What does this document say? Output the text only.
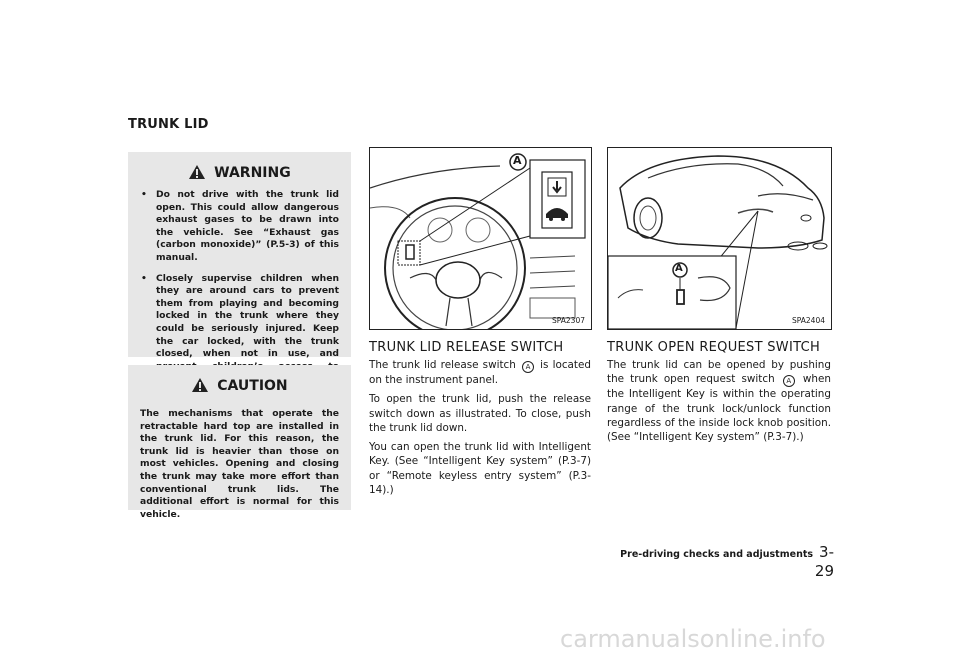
TRUNK LID
WARNING
• Do not drive with the trunk lid open. This could allow dangerous exhaust gases to be drawn into the vehicle. See “Exhaust gas (carbon monoxide)” (P.5-3) of this manual.
• Closely supervise children when they are around cars to prevent them from playing and becoming locked in the trunk where they could be seriously injured. Keep the car locked, with the trunk closed, when not in use, and
CAUTION
The mechanisms that operate the retractable hard top are installed in the trunk lid. For this reason, the trunk lid is heavier than those on most vehicles. Opening and closing the trunk may take more effort than conventional trunk lids. The additional effort is normal for this vehicle.
A
SPA2307
A
SPA2404
TRUNK LID RELEASE SWITCH

The trunk lid release switch A is located on the instrument panel.

To open the trunk lid, push the release switch down as illustrated. To close, push the trunk lid down.

You can open the trunk lid with Intelligent Key. (See “Intelligent Key system” (P.3-7) or “Remote keyless entry system” (P.3-14).)

TRUNK OPEN REQUEST SWITCH

The trunk lid can be opened by pushing the trunk open request switch A when the Intelligent Key is within the operating range of the trunk lock/unlock function regardless of the inside lock knob position. (See “Intelligent Key system” (P.3-7).)

Pre-driving checks and adjustments 3-29
carmanualsonline.info
